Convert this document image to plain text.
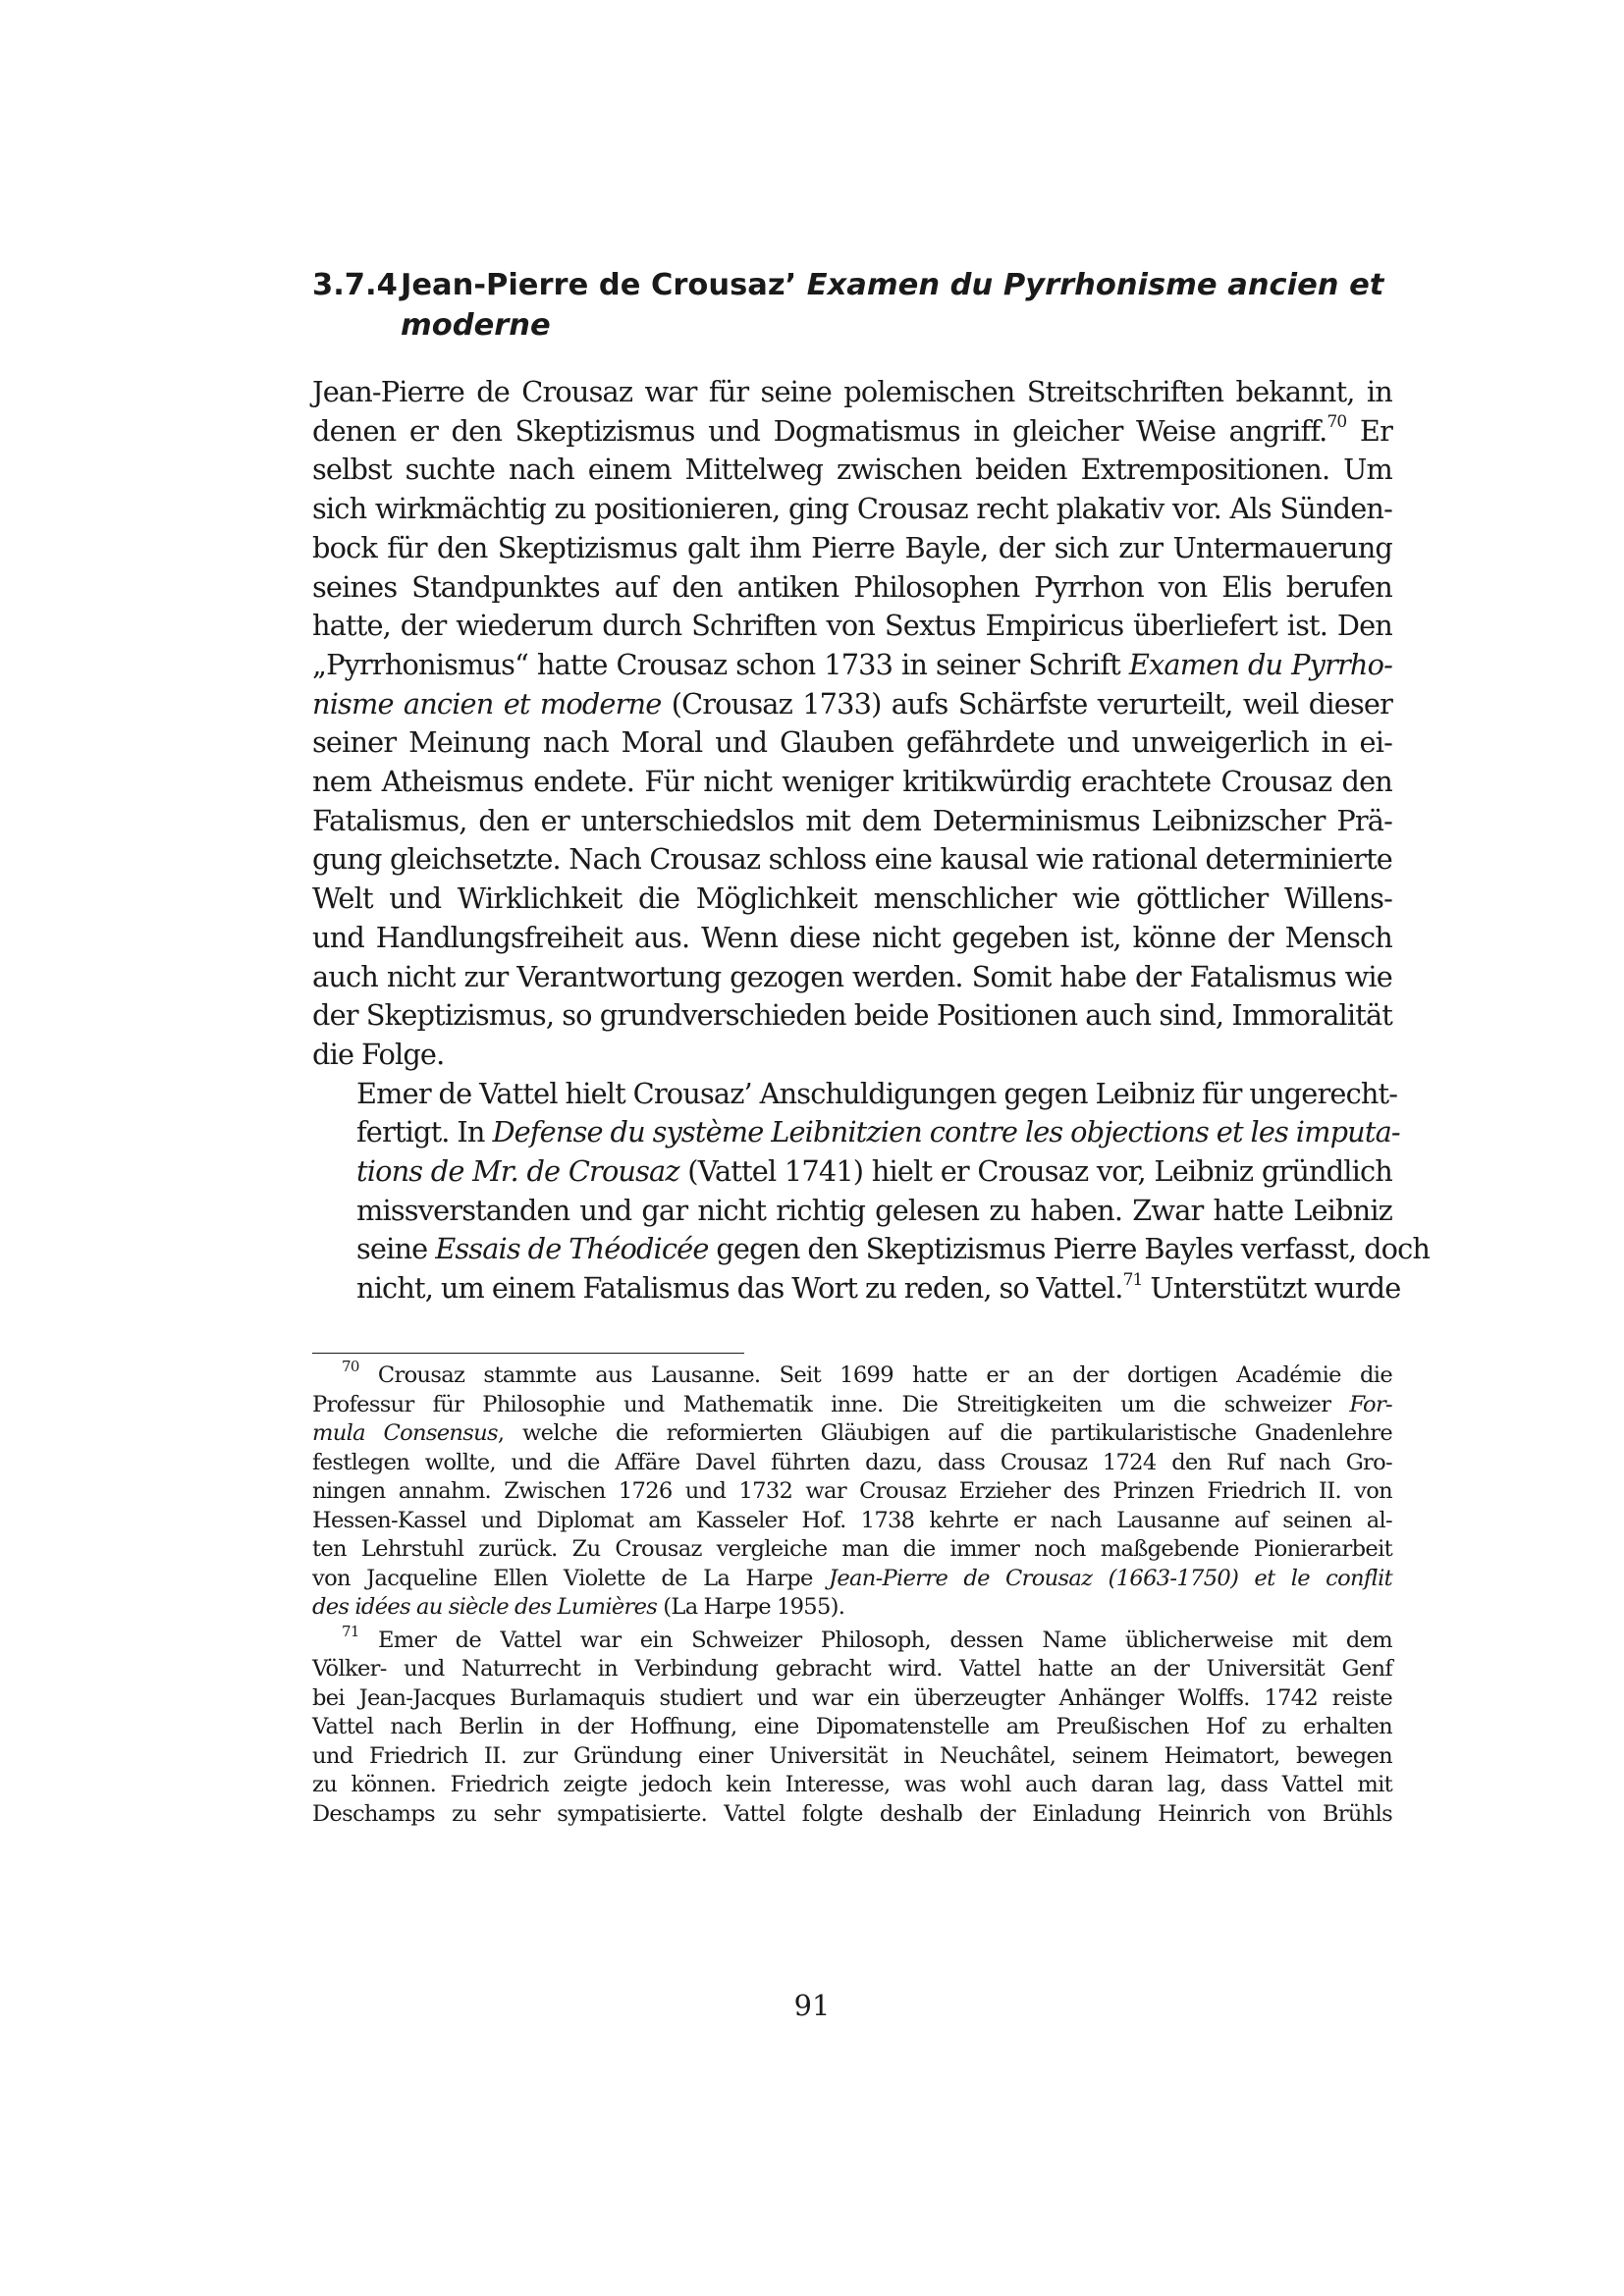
3.7.4 Jean-Pierre de Crousaz’ Examen du Pyrrhonisme ancien et
moderne

Jean-Pierre de Crousaz war für seine polemischen Streitschriften bekannt, in
denen er den Skeptizismus und Dogmatismus in gleicher Weise angriff.$^{70}$ Er
selbst suchte nach einem Mittelweg zwischen beiden Extrempositionen. Um
sich wirkmächtig zu positionieren, ging Crousaz recht plakativ vor. Als Sünden-
bock für den Skeptizismus galt ihm Pierre Bayle, der sich zur Untermauerung
seines Standpunktes auf den antiken Philosophen Pyrrhon von Elis berufen
hatte, der wiederum durch Schriften von Sextus Empiricus überliefert ist. Den
„Pyrrhonismus“ hatte Crousaz schon 1733 in seiner Schrift Examen du Pyrrho-
nisme ancien et moderne (Crousaz 1733) aufs Schärfste verurteilt, weil dieser
seiner Meinung nach Moral und Glauben gefährdete und unweigerlich in ei-
nem Atheismus endete. Für nicht weniger kritikwürdig erachtete Crousaz den
Fatalismus, den er unterschiedslos mit dem Determinismus Leibnizscher Prä-
gung gleichsetzte. Nach Crousaz schloss eine kausal wie rational determinierte
Welt und Wirklichkeit die Möglichkeit menschlicher wie göttlicher Willens-
und Handlungsfreiheit aus. Wenn diese nicht gegeben ist, könne der Mensch
auch nicht zur Verantwortung gezogen werden. Somit habe der Fatalismus wie
der Skeptizismus, so grundverschieden beide Positionen auch sind, Immoralität
die Folge.

Emer de Vattel hielt Crousaz’ Anschuldigungen gegen Leibniz für ungerecht-
fertigt. In Defense du système Leibnitzien contre les objections et les imputa-
tions de Mr. de Crousaz (Vattel 1741) hielt er Crousaz vor, Leibniz gründlich
missverstanden und gar nicht richtig gelesen zu haben. Zwar hatte Leibniz
seine Essais de Théodicée gegen den Skeptizismus Pierre Bayles verfasst, doch
nicht, um einem Fatalismus das Wort zu reden, so Vattel.$^{71}$ Unterstützt wurde

$^{70}$ Crousaz stammte aus Lausanne. Seit 1699 hatte er an der dortigen Académie die
Professur für Philosophie und Mathematik inne. Die Streitigkeiten um die schweizer For-
mula Consensus, welche die reformierten Gläubigen auf die partikularistische Gnadenlehre
festlegen wollte, und die Affäre Davel führten dazu, dass Crousaz 1724 den Ruf nach Gro-
ningen annahm. Zwischen 1726 und 1732 war Crousaz Erzieher des Prinzen Friedrich II. von
Hessen-Kassel und Diplomat am Kasseler Hof. 1738 kehrte er nach Lausanne auf seinen al-
ten Lehrstuhl zurück. Zu Crousaz vergleiche man die immer noch maßgebende Pionierarbeit
von Jacqueline Ellen Violette de La Harpe Jean-Pierre de Crousaz (1663-1750) et le conflit
des idées au siècle des Lumières (La Harpe 1955).
$^{71}$ Emer de Vattel war ein Schweizer Philosoph, dessen Name üblicherweise mit dem
Völker- und Naturrecht in Verbindung gebracht wird. Vattel hatte an der Universität Genf
bei Jean-Jacques Burlamaquis studiert und war ein überzeugter Anhänger Wolffs. 1742 reiste
Vattel nach Berlin in der Hoffnung, eine Dipomatenstelle am Preußischen Hof zu erhalten
und Friedrich II. zur Gründung einer Universität in Neuchâtel, seinem Heimatort, bewegen
zu können. Friedrich zeigte jedoch kein Interesse, was wohl auch daran lag, dass Vattel mit
Deschamps zu sehr sympatisierte. Vattel folgte deshalb der Einladung Heinrich von Brühls
91
